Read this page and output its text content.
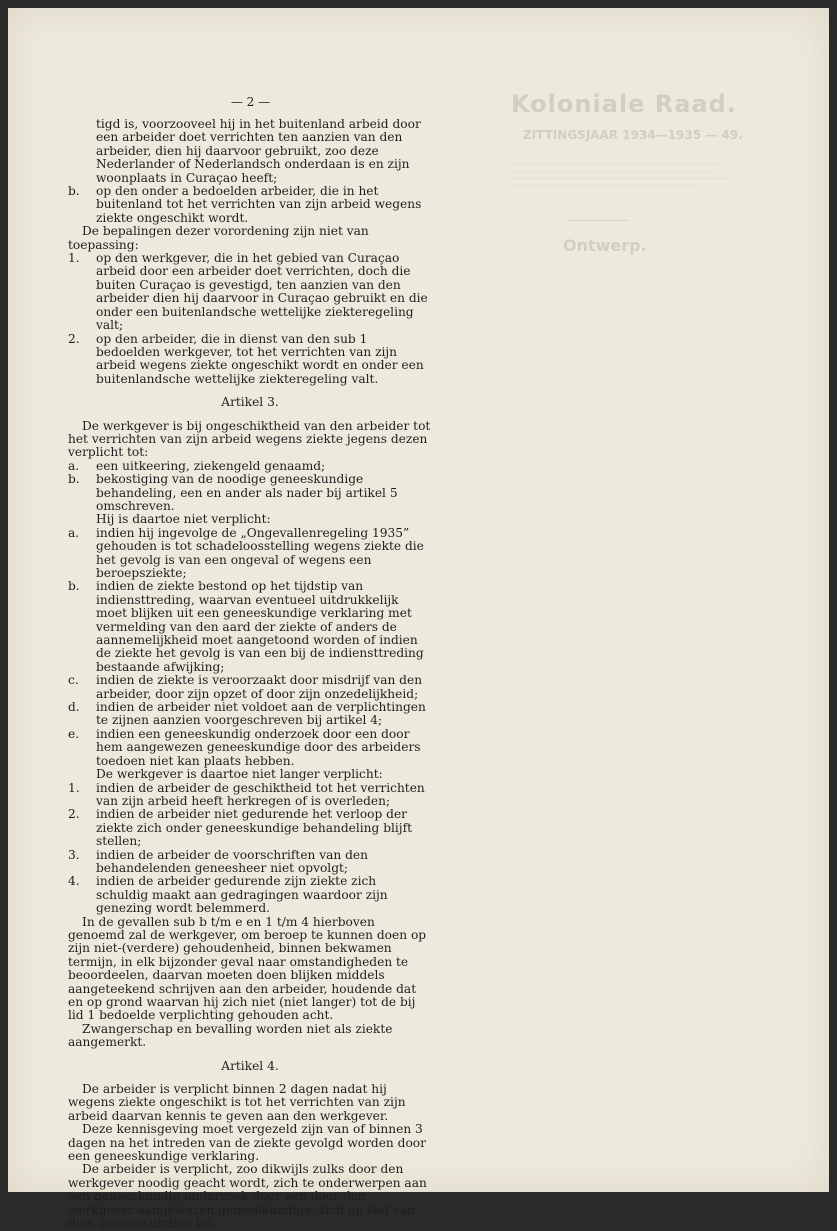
Koloniale Raad.
ZITTINGSJAAR 1934—1935 — 49.
Ontwerp.
— 2 —

tigd is, voorzooveel hij in het buitenland arbeid door een arbeider doet verrichten ten aanzien van den arbeider, dien hij daarvoor gebruikt, zoo deze Nederlander of Nederlandsch onderdaan is en zijn woonplaats in Curaçao heeft;

b.	op den onder a bedoelden arbeider, die in het buitenland tot het verrichten van zijn arbeid wegens ziekte ongeschikt wordt.

De bepalingen dezer vorordening zijn niet van toepassing:

1.	op den werkgever, die in het gebied van Curaçao arbeid door een arbeider doet verrichten, doch die buiten Curaçao is gevestigd, ten aanzien van den arbeider dien hij daarvoor in Curaçao gebruikt en die onder een buitenlandsche wettelijke ziekteregeling valt;
2.	op den arbeider, die in dienst van den sub 1 bedoelden werkgever, tot het verrichten van zijn arbeid wegens ziekte ongeschikt wordt en onder een buitenlandsche wettelijke ziekteregeling valt.

Artikel 3.

De werkgever is bij ongeschiktheid van den arbeider tot het verrichten van zijn arbeid wegens ziekte jegens dezen verplicht tot:

a.	een uitkeering, ziekengeld genaamd;
b.	bekostiging van de noodige geneeskundige behandeling, een en ander als nader bij artikel 5 omschreven.

Hij is daartoe niet verplicht:

a.	indien hij ingevolge de „Ongevallenregeling 1935” gehouden is tot schadeloosstelling wegens ziekte die het gevolg is van een ongeval of wegens een beroepsziekte;
b.	indien de ziekte bestond op het tijdstip van indiensttreding, waarvan eventueel uitdrukkelijk moet blijken uit een geneeskundige verklaring met vermelding van den aard der ziekte of anders de aannemelijkheid moet aangetoond worden of indien de ziekte het gevolg is van een bij de indiensttreding bestaande afwijking;
c.	indien de ziekte is veroorzaakt door misdrijf van den arbeider, door zijn opzet of door zijn onzedelijkheid;
d.	indien de arbeider niet voldoet aan de verplichtingen te zijnen aanzien voorgeschreven bij artikel 4;
e.	indien een geneeskundig onderzoek door een door hem aangewezen geneeskundige door des arbeiders toedoen niet kan plaats hebben.

De werkgever is daartoe niet langer verplicht:

1.	indien de arbeider de geschiktheid tot het verrichten van zijn arbeid heeft herkregen of is overleden;
2.	indien de arbeider niet gedurende het verloop der ziekte zich onder geneeskundige behandeling blijft stellen;
3.	indien de arbeider de voorschriften van den behandelenden geneesheer niet opvolgt;
4.	indien de arbeider gedurende zijn ziekte zich schuldig maakt aan gedragingen waardoor zijn genezing wordt belemmerd.

In de gevallen sub b t/m e en 1 t/m 4 hierboven genoemd zal de werkgever, om beroep te kunnen doen op zijn niet-(verdere) gehoudenheid, binnen bekwamen termijn, in elk bijzonder geval naar omstandigheden te beoordeelen, daarvan moeten doen blijken middels aangeteekend schrijven aan den arbeider, houdende dat en op grond waarvan hij zich niet (niet langer) tot de bij lid 1 bedoelde verplichting gehouden acht.

Zwangerschap en bevalling worden niet als ziekte aangemerkt.

Artikel 4.

De arbeider is verplicht binnen 2 dagen nadat hij wegens ziekte ongeschikt is tot het verrichten van zijn arbeid daarvan kennis te geven aan den werkgever.

Deze kennisgeving moet vergezeld zijn van of binnen 3 dagen na het intreden van de ziekte gevolgd worden door een geneeskundige verklaring.

De arbeider is verplicht, zoo dikwijls zulks door den werkgever noodig geacht wordt, zich te onderwerpen aan een geneeskundig onderzoek door een door den werkgever aangewezen geneeskundige, zich op last van dien geneeskundige tot
